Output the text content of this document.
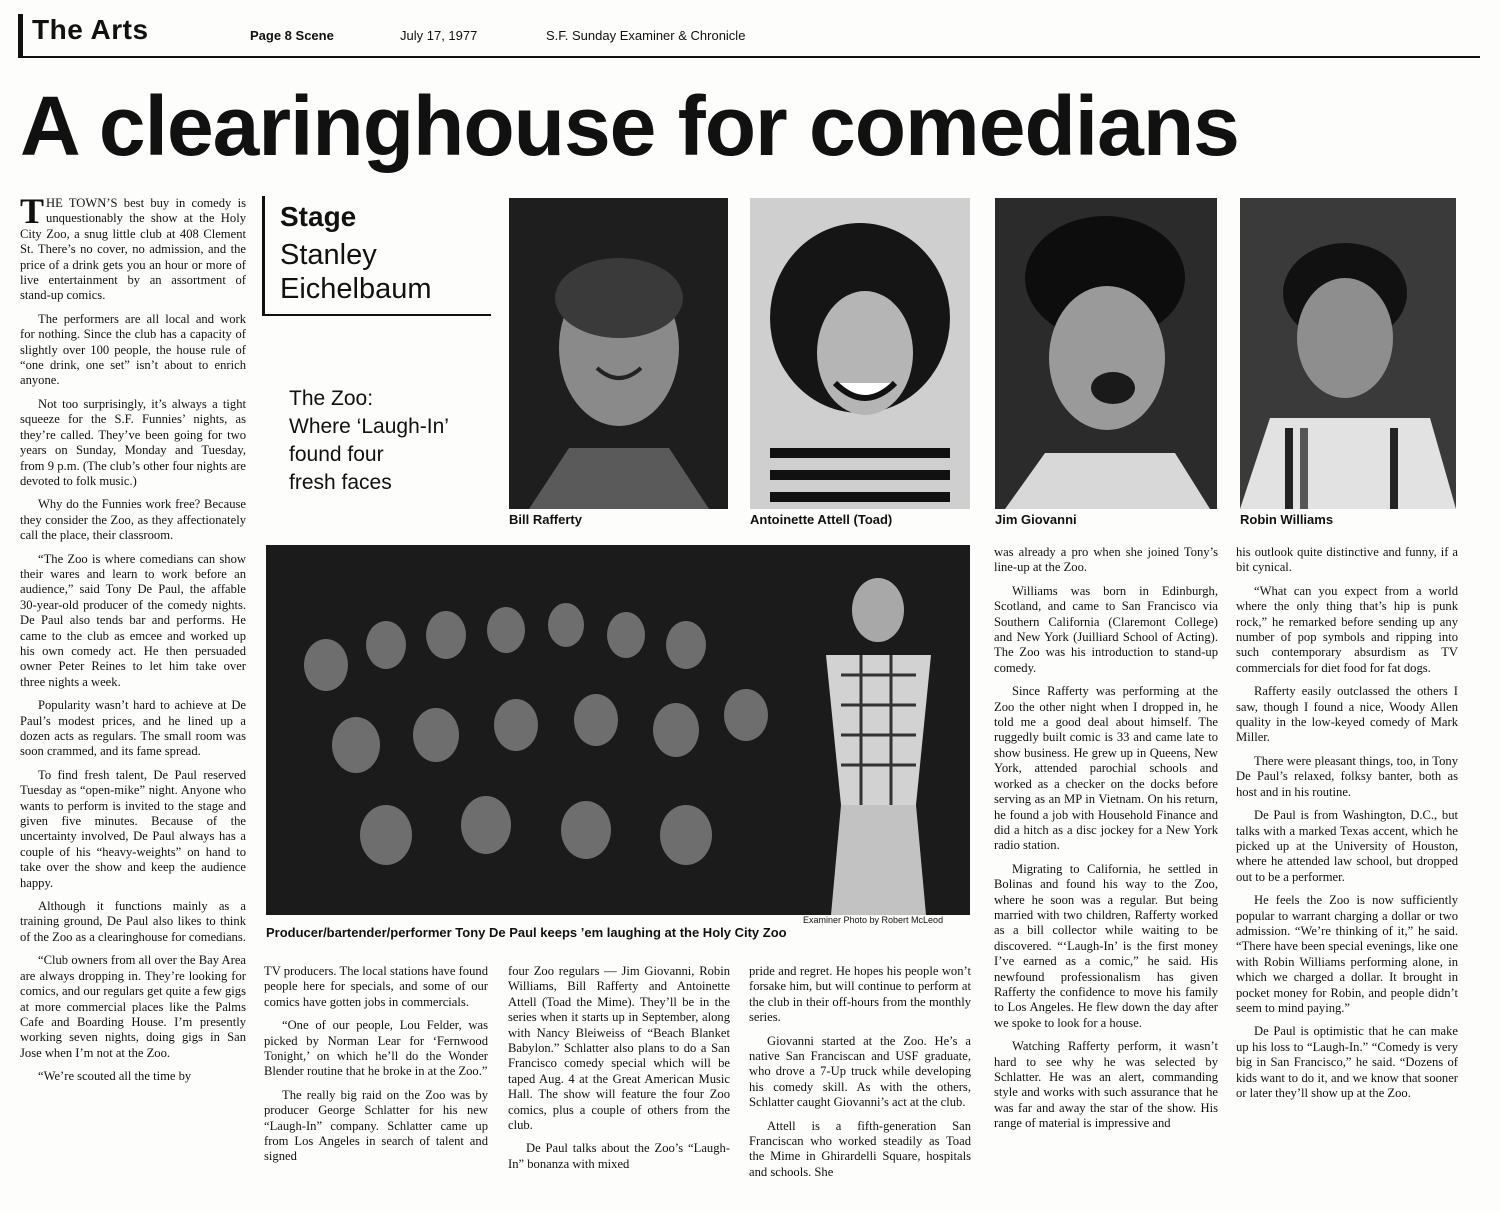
The Arts	Page 8 Scene	July 17, 1977	S.F. Sunday Examiner & Chronicle
A clearinghouse for comedians

THE TOWN’S best buy in comedy is unquestionably the show at the Holy City Zoo, a snug little club at 408 Clement St. There’s no cover, no admission, and the price of a drink gets you an hour or more of live entertainment by an assortment of stand-up comics.

The performers are all local and work for nothing. Since the club has a capacity of slightly over 100 people, the house rule of “one drink, one set” isn’t about to enrich anyone.

Not too surprisingly, it’s always a tight squeeze for the S.F. Funnies’ nights, as they’re called. They’ve been going for two years on Sunday, Monday and Tuesday, from 9 p.m. (The club’s other four nights are devoted to folk music.)

Why do the Funnies work free? Because they consider the Zoo, as they affectionately call the place, their classroom.

“The Zoo is where comedians can show their wares and learn to work before an audience,” said Tony De Paul, the affable 30-year-old producer of the comedy nights. De Paul also tends bar and performs. He came to the club as emcee and worked up his own comedy act. He then persuaded owner Peter Reines to let him take over three nights a week.

Popularity wasn’t hard to achieve at De Paul’s modest prices, and he lined up a dozen acts as regulars. The small room was soon crammed, and its fame spread.

To find fresh talent, De Paul reserved Tuesday as “open-mike” night. Anyone who wants to perform is invited to the stage and given five minutes. Because of the uncertainty involved, De Paul always has a couple of his “heavy-weights” on hand to take over the show and keep the audience happy.

Although it functions mainly as a training ground, De Paul also likes to think of the Zoo as a clearinghouse for comedians.

“Club owners from all over the Bay Area are always dropping in. They’re looking for comics, and our regulars get quite a few gigs at more commercial places like the Palms Cafe and Boarding House. I’m presently working seven nights, doing gigs in San Jose when I’m not at the Zoo.

“We’re scouted all the time by

Stage
Stanley
Eichelbaum
The Zoo:
Where ‘Laugh-In’
found four
fresh faces
Bill Rafferty	Antoinette Attell (Toad)	Jim Giovanni	Robin Williams
Examiner Photo by Robert McLeod
Producer/bartender/performer Tony De Paul keeps ’em laughing at the Holy City Zoo

TV producers. The local stations have found people here for specials, and some of our comics have gotten jobs in commercials.

“One of our people, Lou Felder, was picked by Norman Lear for ‘Fernwood Tonight,’ on which he’ll do the Wonder Blender routine that he broke in at the Zoo.”

The really big raid on the Zoo was by producer George Schlatter for his new “Laugh-In” company. Schlatter came up from Los Angeles in search of talent and signed

four Zoo regulars — Jim Giovanni, Robin Williams, Bill Rafferty and Antoinette Attell (Toad the Mime). They’ll be in the series when it starts up in September, along with Nancy Bleiweiss of “Beach Blanket Babylon.” Schlatter also plans to do a San Francisco comedy special which will be taped Aug. 4 at the Great American Music Hall. The show will feature the four Zoo comics, plus a couple of others from the club.

De Paul talks about the Zoo’s “Laugh-In” bonanza with mixed

pride and regret. He hopes his people won’t forsake him, but will continue to perform at the club in their off-hours from the monthly series.

Giovanni started at the Zoo. He’s a native San Franciscan and USF graduate, who drove a 7-Up truck while developing his comedy skill. As with the others, Schlatter caught Giovanni’s act at the club.

Attell is a fifth-generation San Franciscan who worked steadily as Toad the Mime in Ghirardelli Square, hospitals and schools. She

was already a pro when she joined Tony’s line-up at the Zoo.

Williams was born in Edinburgh, Scotland, and came to San Francisco via Southern California (Claremont College) and New York (Juilliard School of Acting). The Zoo was his introduction to stand-up comedy.

Since Rafferty was performing at the Zoo the other night when I dropped in, he told me a good deal about himself. The ruggedly built comic is 33 and came late to show business. He grew up in Queens, New York, attended parochial schools and worked as a checker on the docks before serving as an MP in Vietnam. On his return, he found a job with Household Finance and did a hitch as a disc jockey for a New York radio station.

Migrating to California, he settled in Bolinas and found his way to the Zoo, where he soon was a regular. But being married with two children, Rafferty worked as a bill collector while waiting to be discovered. “‘Laugh-In’ is the first money I’ve earned as a comic,” he said. His newfound professionalism has given Rafferty the confidence to move his family to Los Angeles. He flew down the day after we spoke to look for a house.

Watching Rafferty perform, it wasn’t hard to see why he was selected by Schlatter. He was an alert, commanding style and works with such assurance that he was far and away the star of the show. His range of material is impressive and

his outlook quite distinctive and funny, if a bit cynical.

“What can you expect from a world where the only thing that’s hip is punk rock,” he remarked before sending up any number of pop symbols and ripping into such contemporary absurdism as TV commercials for diet food for fat dogs.

Rafferty easily outclassed the others I saw, though I found a nice, Woody Allen quality in the low-keyed comedy of Mark Miller.

There were pleasant things, too, in Tony De Paul’s relaxed, folksy banter, both as host and in his routine.

De Paul is from Washington, D.C., but talks with a marked Texas accent, which he picked up at the University of Houston, where he attended law school, but dropped out to be a performer.

He feels the Zoo is now sufficiently popular to warrant charging a dollar or two admission. “We’re thinking of it,” he said. “There have been special evenings, like one with Robin Williams performing alone, in which we charged a dollar. It brought in pocket money for Robin, and people didn’t seem to mind paying.”

De Paul is optimistic that he can make up his loss to “Laugh-In.” “Comedy is very big in San Francisco,” he said. “Dozens of kids want to do it, and we know that sooner or later they’ll show up at the Zoo.
